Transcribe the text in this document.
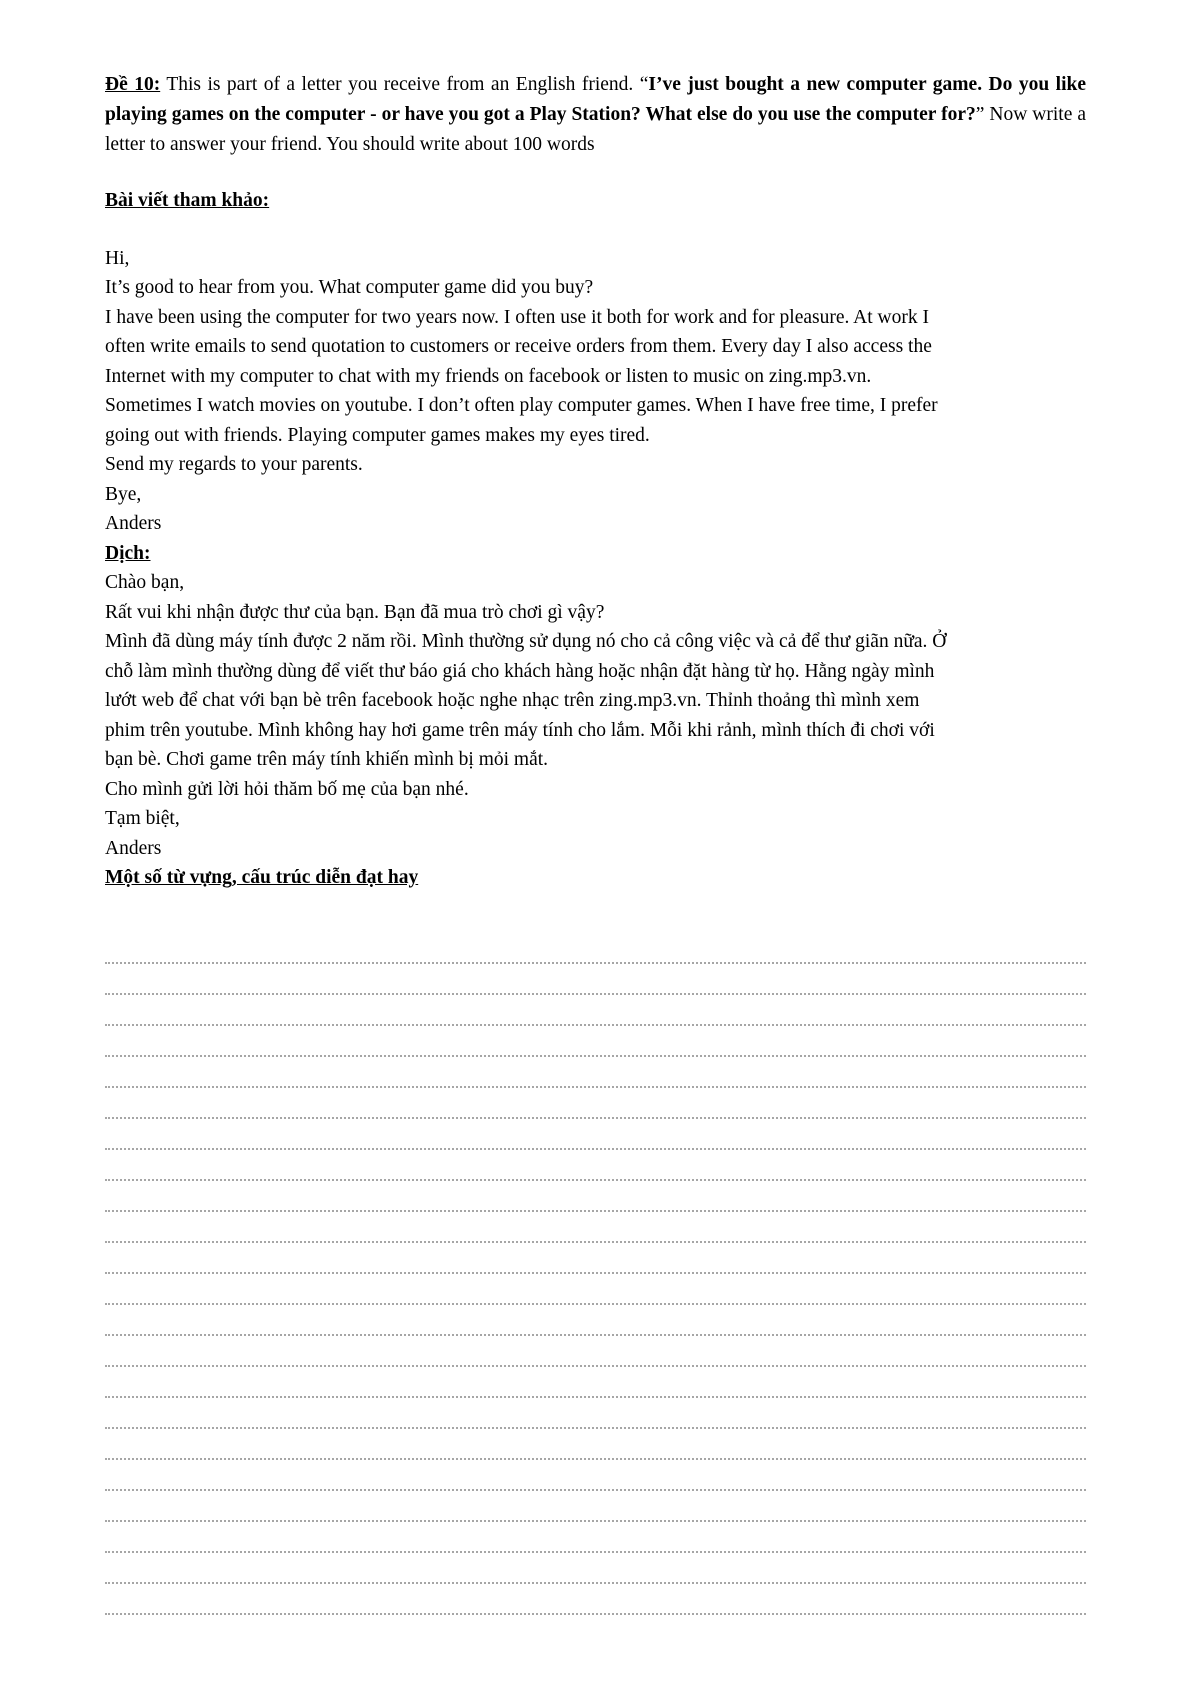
Đề 10: This is part of a letter you receive from an English friend. “I’ve just bought a new computer game. Do you like playing games on the computer - or have you got a Play Station? What else do you use the computer for?” Now write a letter to answer your friend. You should write about 100 words

Bài viết tham khảo:
Hi,
It’s good to hear from you. What computer game did you buy?
I have been using the computer for two years now. I often use it both for work and for pleasure. At work I
often write emails to send quotation to customers or receive orders from them. Every day I also access the
Internet with my computer to chat with my friends on facebook or listen to music on zing.mp3.vn.
Sometimes I watch movies on youtube. I don’t often play computer games. When I have free time, I prefer
going out with friends. Playing computer games makes my eyes tired.
Send my regards to your parents.
Bye,
Anders
Dịch:
Chào bạn,
Rất vui khi nhận được thư của bạn. Bạn đã mua trò chơi gì vậy?
Mình đã dùng máy tính được 2 năm rồi. Mình thường sử dụng nó cho cả công việc và cả để thư giãn nữa. Ở
chỗ làm mình thường dùng để viết thư báo giá cho khách hàng hoặc nhận đặt hàng từ họ. Hằng ngày mình
lướt web để chat với bạn bè trên facebook hoặc nghe nhạc trên zing.mp3.vn. Thỉnh thoảng thì mình xem
phim trên youtube. Mình không hay hơi game trên máy tính cho lắm. Mỗi khi rảnh, mình thích đi chơi với
bạn bè. Chơi game trên máy tính khiến mình bị mỏi mắt.
Cho mình gửi lời hỏi thăm bố mẹ của bạn nhé.
Tạm biệt,
Anders
Một số từ vựng, cấu trúc diễn đạt hay
